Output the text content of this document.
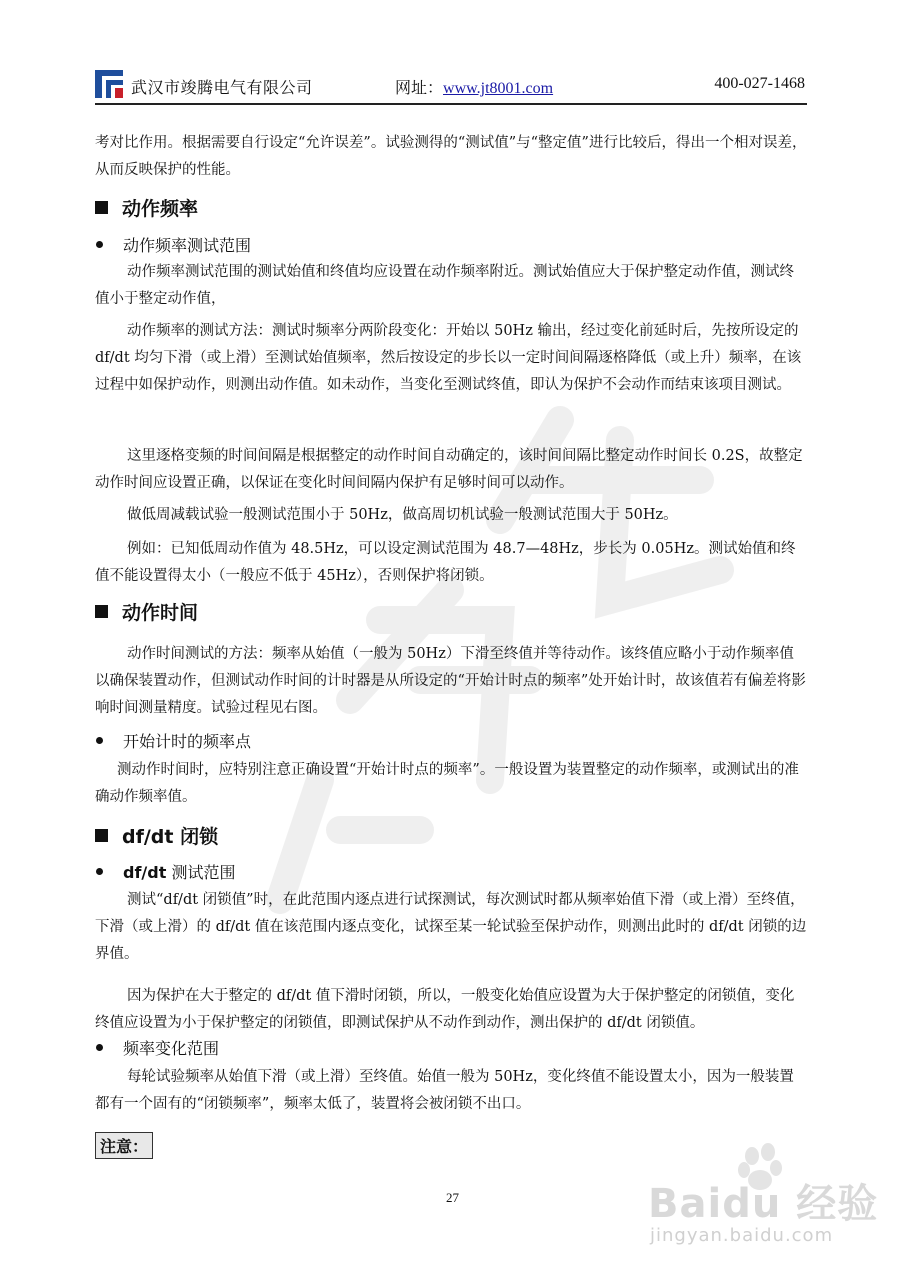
武汉市竣腾电气有限公司	网址：www.jt8001.com	400-027-1468
考对比作用。根据需要自行设定“允许误差”。试验测得的“测试值”与“整定值”进行比较后，得出一个相对误差，从而反映保护的性能。
动作频率
动作频率测试范围
动作频率测试范围的测试始值和终值均应设置在动作频率附近。测试始值应大于保护整定动作值，测试终值小于整定动作值，
动作频率的测试方法：测试时频率分两阶段变化：开始以 50Hz 输出，经过变化前延时后，先按所设定的 df/dt 均匀下滑（或上滑）至测试始值频率，然后按设定的步长以一定时间间隔逐格降低（或上升）频率，在该过程中如保护动作，则测出动作值。如未动作，当变化至测试终值，即认为保护不会动作而结束该项目测试。
这里逐格变频的时间间隔是根据整定的动作时间自动确定的，该时间间隔比整定动作时间长 0.2S，故整定动作时间应设置正确，以保证在变化时间间隔内保护有足够时间可以动作。
做低周减载试验一般测试范围小于 50Hz，做高周切机试验一般测试范围大于 50Hz。
例如：已知低周动作值为 48.5Hz，可以设定测试范围为 48.7—48Hz，步长为 0.05Hz。测试始值和终值不能设置得太小（一般应不低于 45Hz），否则保护将闭锁。
动作时间
动作时间测试的方法：频率从始值（一般为 50Hz）下滑至终值并等待动作。该终值应略小于动作频率值以确保装置动作，但测试动作时间的计时器是从所设定的“开始计时点的频率”处开始计时，故该值若有偏差将影响时间测量精度。试验过程见右图。
开始计时的频率点
测动作时间时，应特别注意正确设置“开始计时点的频率”。一般设置为装置整定的动作频率，或测试出的准确动作频率值。
df/dt 闭锁
df/dt 测试范围
测试“df/dt 闭锁值”时，在此范围内逐点进行试探测试，每次测试时都从频率始值下滑（或上滑）至终值，下滑（或上滑）的 df/dt 值在该范围内逐点变化，试探至某一轮试验至保护动作，则测出此时的 df/dt 闭锁的边界值。
因为保护在大于整定的 df/dt 值下滑时闭锁，所以，一般变化始值应设置为大于保护整定的闭锁值，变化终值应设置为小于保护整定的闭锁值，即测试保护从不动作到动作，测出保护的 df/dt 闭锁值。
频率变化范围
每轮试验频率从始值下滑（或上滑）至终值。始值一般为 50Hz，变化终值不能设置太小，因为一般装置都有一个固有的“闭锁频率”，频率太低了，装置将会被闭锁不出口。
注意：
27	Baidu 经验
jingyan.baidu.com
